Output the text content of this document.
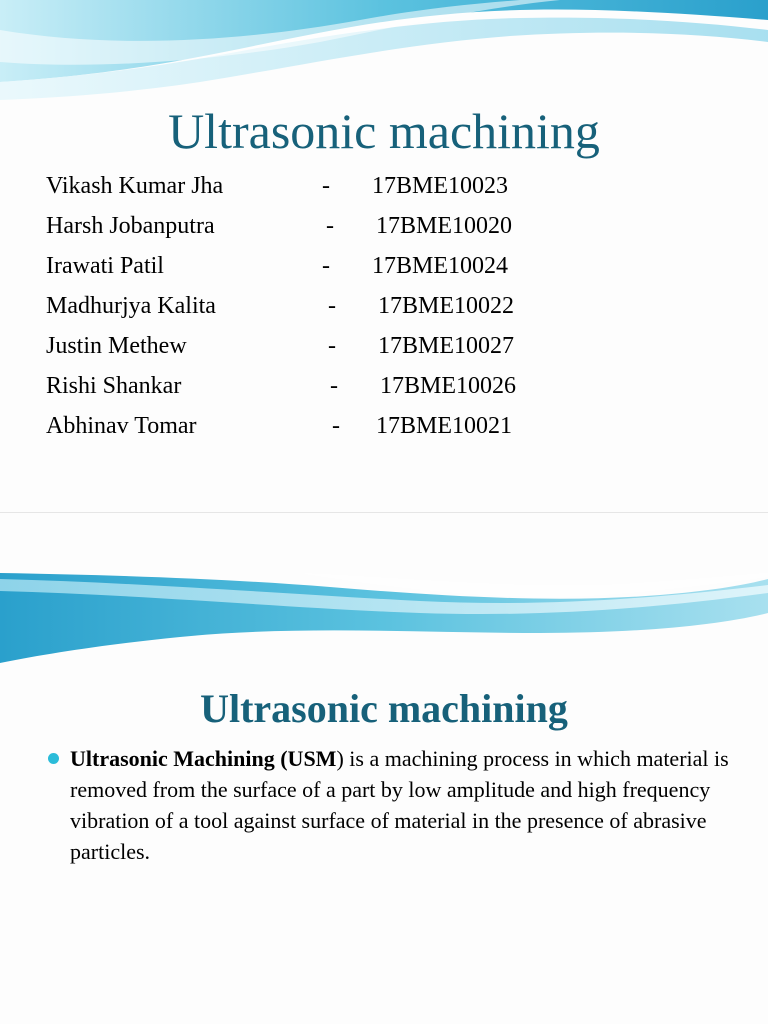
Ultrasonic machining
Vikash Kumar Jha	- 17BME10023
Harsh Jobanputra	- 17BME10020
Irawati Patil	- 17BME10024
Madhurjya Kalita	- 17BME10022
Justin Methew	- 17BME10027
Rishi Shankar	- 17BME10026
Abhinav Tomar	- 17BME10021
Ultrasonic machining
Ultrasonic Machining (USM) is a machining process in which material is removed from the surface of a part by low amplitude and high frequency vibration of a tool against surface of material in the presence of abrasive particles.
